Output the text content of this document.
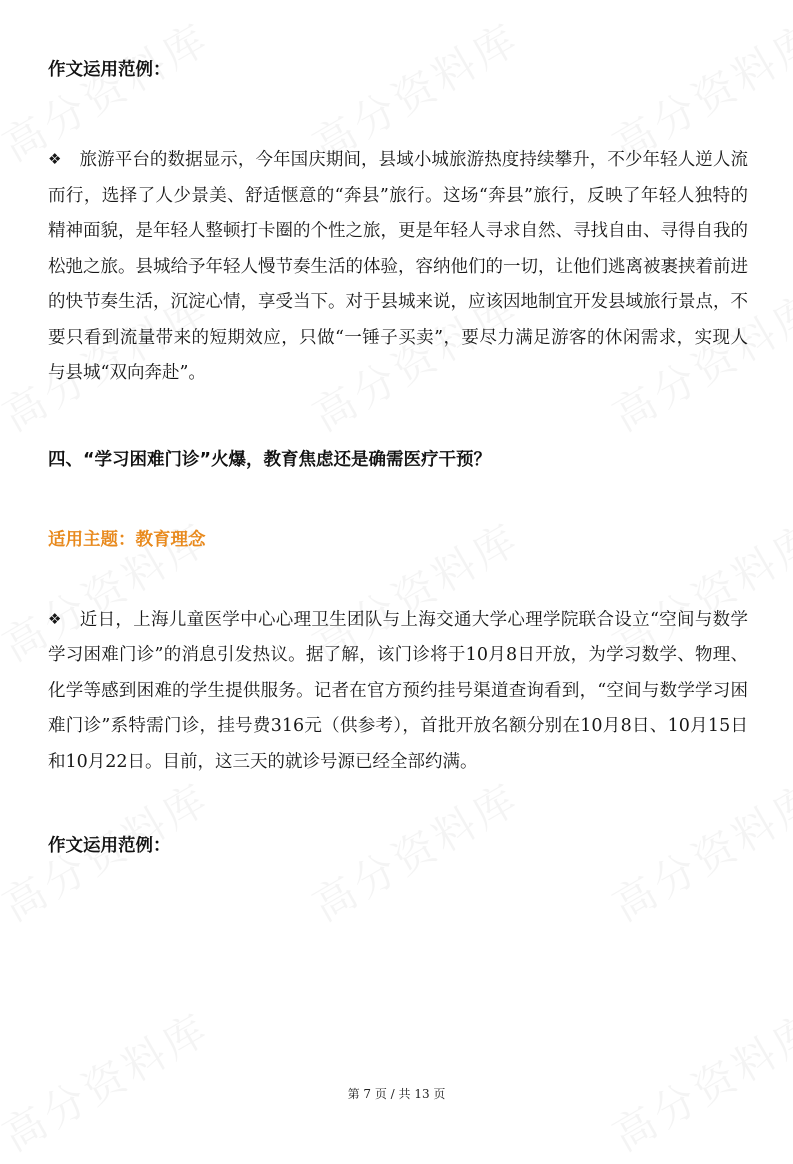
作文运用范例：

❖ 旅游平台的数据显示，今年国庆期间，县域小城旅游热度持续攀升，不少年轻人逆人流而行，选择了人少景美、舒适惬意的“奔县”旅行。这场“奔县”旅行，反映了年轻人独特的精神面貌，是年轻人整顿打卡圈的个性之旅，更是年轻人寻求自然、寻找自由、寻得自我的松弛之旅。县城给予年轻人慢节奏生活的体验，容纳他们的一切，让他们逃离被裹挟着前进的快节奏生活，沉淀心情，享受当下。对于县城来说，应该因地制宜开发县域旅行景点，不要只看到流量带来的短期效应，只做“一锤子买卖”，要尽力满足游客的休闲需求，实现人与县城“双向奔赴”。

四、“学习困难门诊”火爆，教育焦虑还是确需医疗干预？

适用主题：教育理念

❖ 近日，上海儿童医学中心心理卫生团队与上海交通大学心理学院联合设立“空间与数学学习困难门诊”的消息引发热议。据了解，该门诊将于10月8日开放，为学习数学、物理、化学等感到困难的学生提供服务。记者在官方预约挂号渠道查询看到，“空间与数学学习困难门诊”系特需门诊，挂号费316元（供参考），首批开放名额分别在10月8日、10月15日和10月22日。目前，这三天的就诊号源已经全部约满。

作文运用范例：

第 7 页 / 共 13 页
